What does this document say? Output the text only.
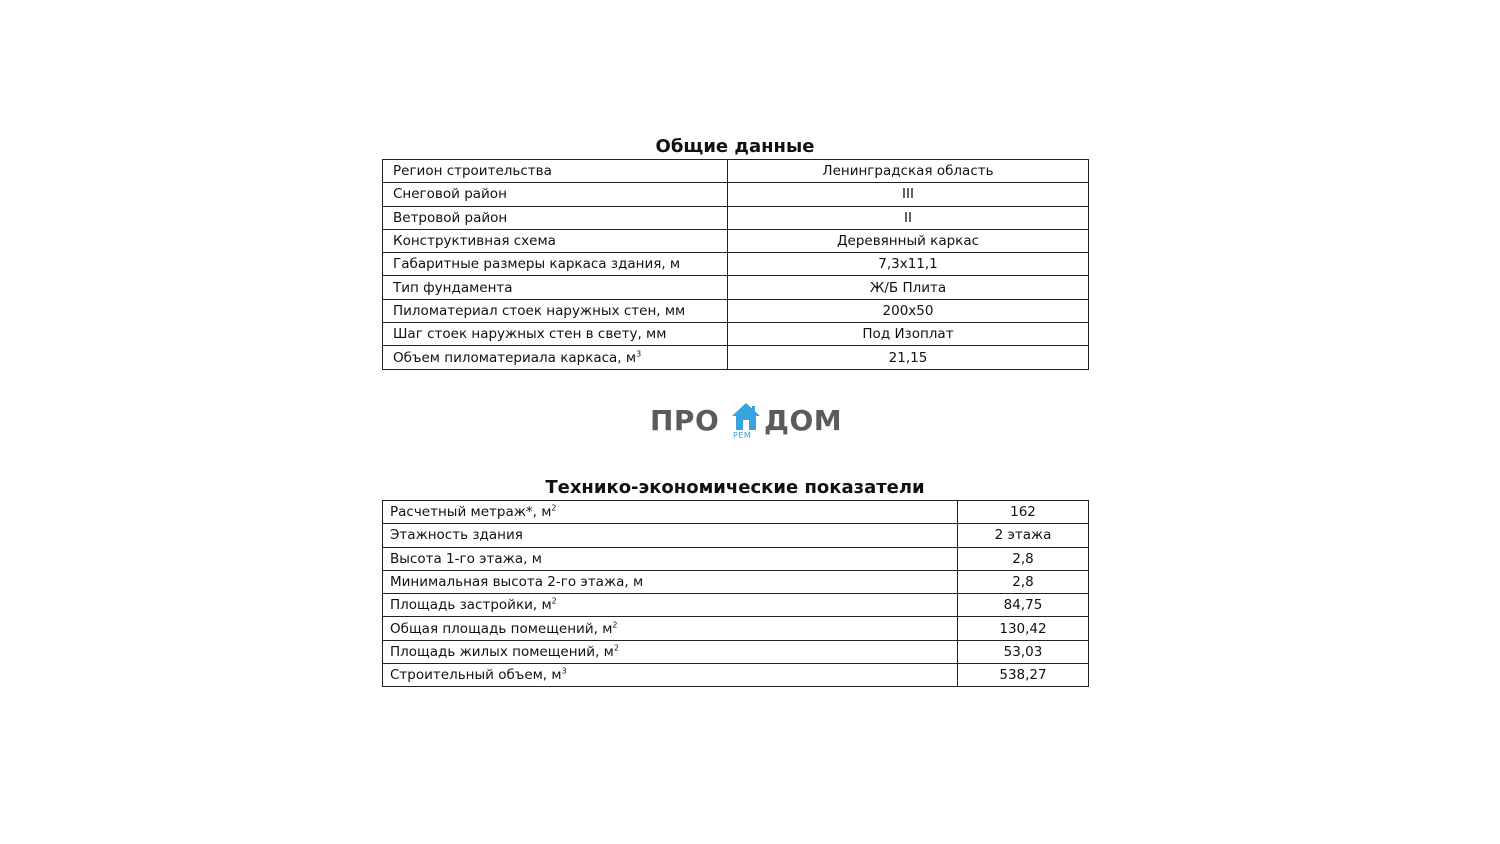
Общие данные
Регион строительства	Ленинградская область
Снеговой район	III
Ветровой район	II
Конструктивная схема	Деревянный каркас
Габаритные размеры каркаса здания, м	7,3х11,1
Тип фундамента	Ж/Б Плита
Пиломатериал стоек наружных стен, мм	200х50
Шаг стоек наружных стен в свету, мм	Под Изоплат
Объем пиломатериала каркаса, $м^3$	21,15
ПРО РЕМ ДОМ
Технико-экономические показатели
Расчетный метраж*, $м^2$	162
Этажность здания	2 этажа
Высота 1-го этажа, м	2,8
Минимальная высота 2-го этажа, м	2,8
Площадь застройки, $м^2$	84,75
Общая площадь помещений, $м^2$	130,42
Площадь жилых помещений, $м^2$	53,03
Строительный объем, $м^3$	538,27
